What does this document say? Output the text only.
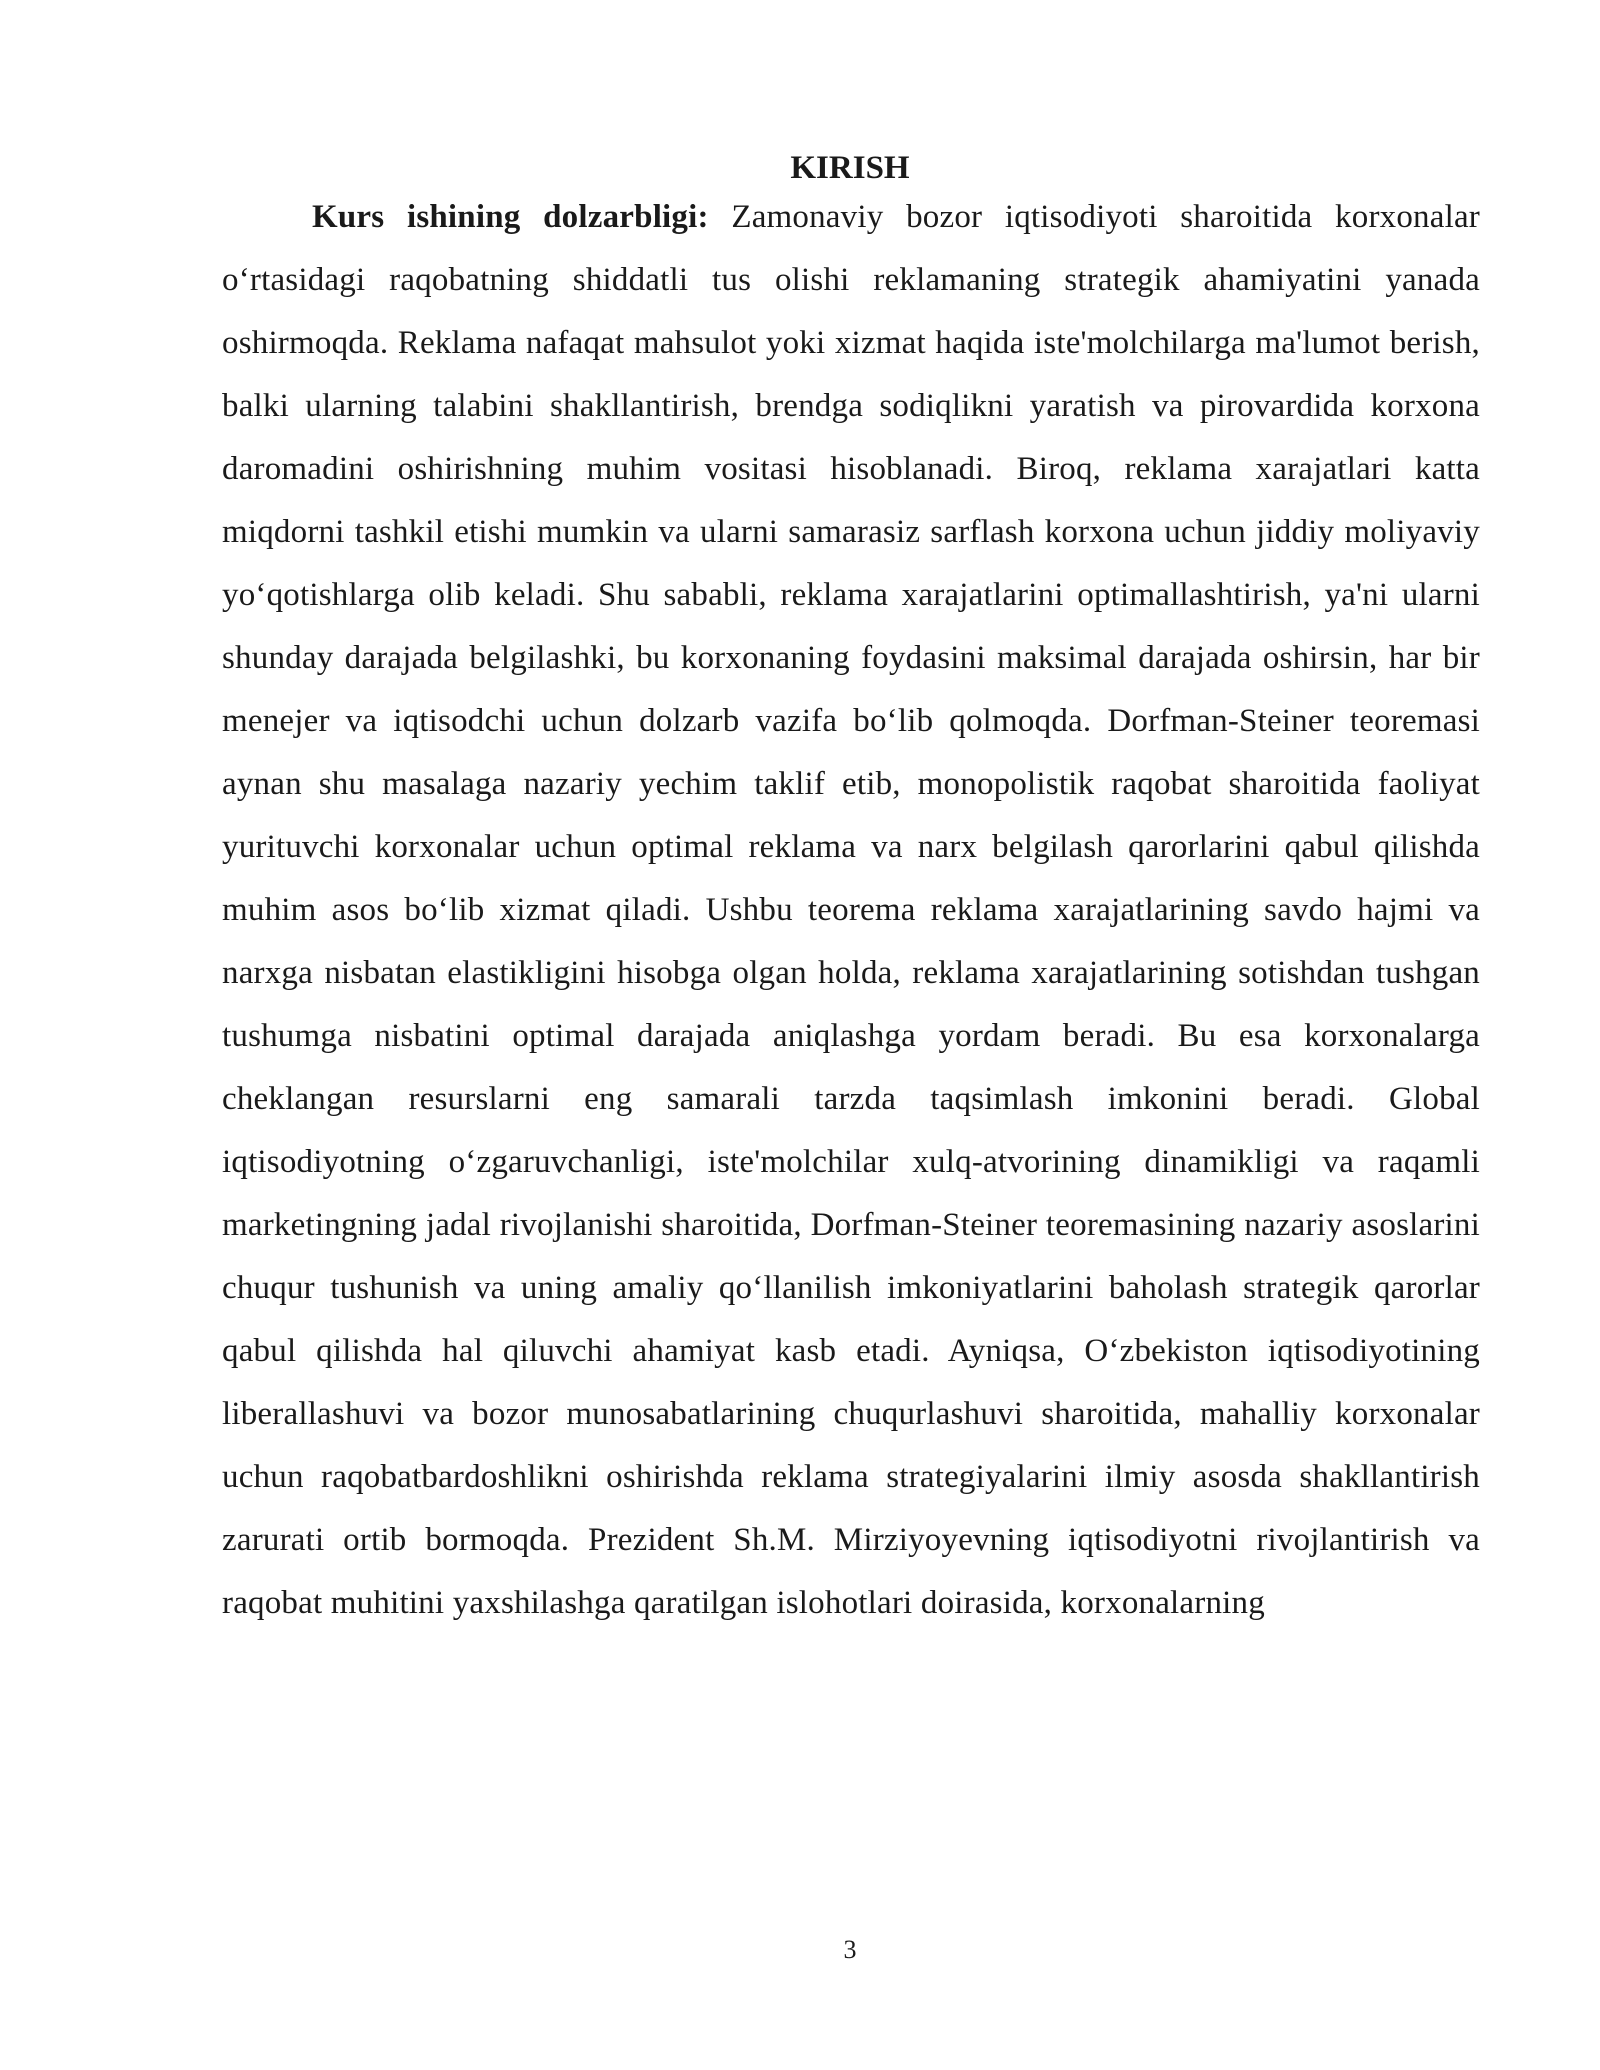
KIRISH

Kurs ishining dolzarbligi: Zamonaviy bozor iqtisodiyoti sharoitida korxonalar o‘rtasidagi raqobatning shiddatli tus olishi reklamaning strategik ahamiyatini yanada oshirmoqda. Reklama nafaqat mahsulot yoki xizmat haqida iste'molchilarga ma'lumot berish, balki ularning talabini shakllantirish, brendga sodiqlikni yaratish va pirovardida korxona daromadini oshirishning muhim vositasi hisoblanadi. Biroq, reklama xarajatlari katta miqdorni tashkil etishi mumkin va ularni samarasiz sarflash korxona uchun jiddiy moliyaviy yo‘qotishlarga olib keladi. Shu sababli, reklama xarajatlarini optimallashtirish, ya'ni ularni shunday darajada belgilashki, bu korxonaning foydasini maksimal darajada oshirsin, har bir menejer va iqtisodchi uchun dolzarb vazifa bo‘lib qolmoqda. Dorfman-Steiner teoremasi aynan shu masalaga nazariy yechim taklif etib, monopolistik raqobat sharoitida faoliyat yurituvchi korxonalar uchun optimal reklama va narx belgilash qarorlarini qabul qilishda muhim asos bo‘lib xizmat qiladi. Ushbu teorema reklama xarajatlarining savdo hajmi va narxga nisbatan elastikligini hisobga olgan holda, reklama xarajatlarining sotishdan tushgan tushumga nisbatini optimal darajada aniqlashga yordam beradi. Bu esa korxonalarga cheklangan resurslarni eng samarali tarzda taqsimlash imkonini beradi. Global iqtisodiyotning o‘zgaruvchanligi, iste'molchilar xulq-atvorining dinamikligi va raqamli marketingning jadal rivojlanishi sharoitida, Dorfman-Steiner teoremasining nazariy asoslarini chuqur tushunish va uning amaliy qo‘llanilish imkoniyatlarini baholash strategik qarorlar qabul qilishda hal qiluvchi ahamiyat kasb etadi. Ayniqsa, O‘zbekiston iqtisodiyotining liberallashuvi va bozor munosabatlarining chuqurlashuvi sharoitida, mahalliy korxonalar uchun raqobatbardoshlikni oshirishda reklama strategiyalarini ilmiy asosda shakllantirish zarurati ortib bormoqda. Prezident Sh.M. Mirziyoyevning iqtisodiyotni rivojlantirish va raqobat muhitini yaxshilashga qaratilgan islohotlari doirasida, korxonalarning

3
